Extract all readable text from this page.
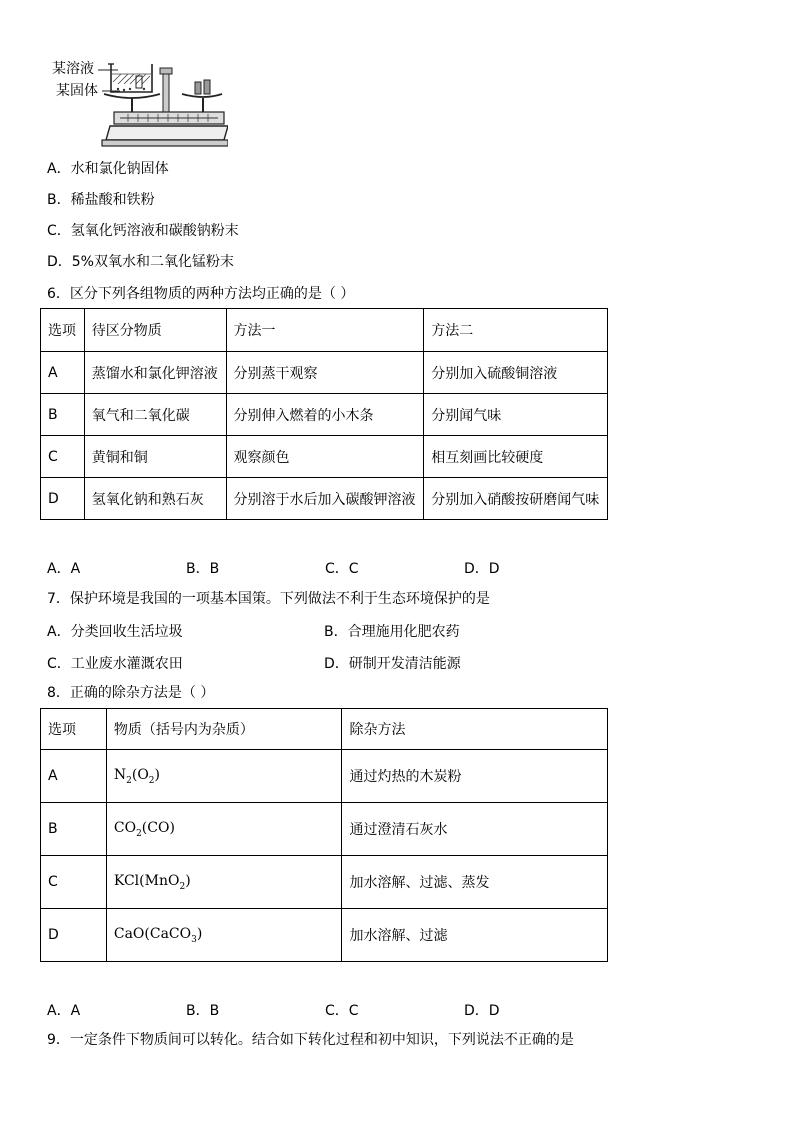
某溶液
某固体
A．水和氯化钠固体
B．稀盐酸和铁粉
C．氢氧化钙溶液和碳酸钠粉末
D．5%双氧水和二氧化锰粉末
6．区分下列各组物质的两种方法均正确的是（ ）
选项	待区分物质	方法一	方法二
A	蒸馏水和氯化钾溶液	分别蒸干观察	分别加入硫酸铜溶液
B	氧气和二氧化碳	分别伸入燃着的小木条	分别闻气味
C	黄铜和铜	观察颜色	相互刻画比较硬度
D	氢氧化钠和熟石灰	分别溶于水后加入碳酸钾溶液	分别加入硝酸按研磨闻气味
A．A	B．B	C．C	D．D
7．保护环境是我国的一项基本国策。下列做法不利于生态环境保护的是
A．分类回收生活垃圾	B．合理施用化肥农药
C．工业废水灌溉农田	D．研制开发清洁能源
8．正确的除杂方法是（ ）
选项	物质（括号内为杂质）	除杂方法
A	$N_2(O_2)$	通过灼热的木炭粉
B	$CO_2(CO)$	通过澄清石灰水
C	KCl(MnO$_2$)	加水溶解、过滤、蒸发
D	CaO(CaCO$_3$)	加水溶解、过滤
A．A	B．B	C．C	D．D
9．一定条件下物质间可以转化。结合如下转化过程和初中知识，下列说法不正确的是
